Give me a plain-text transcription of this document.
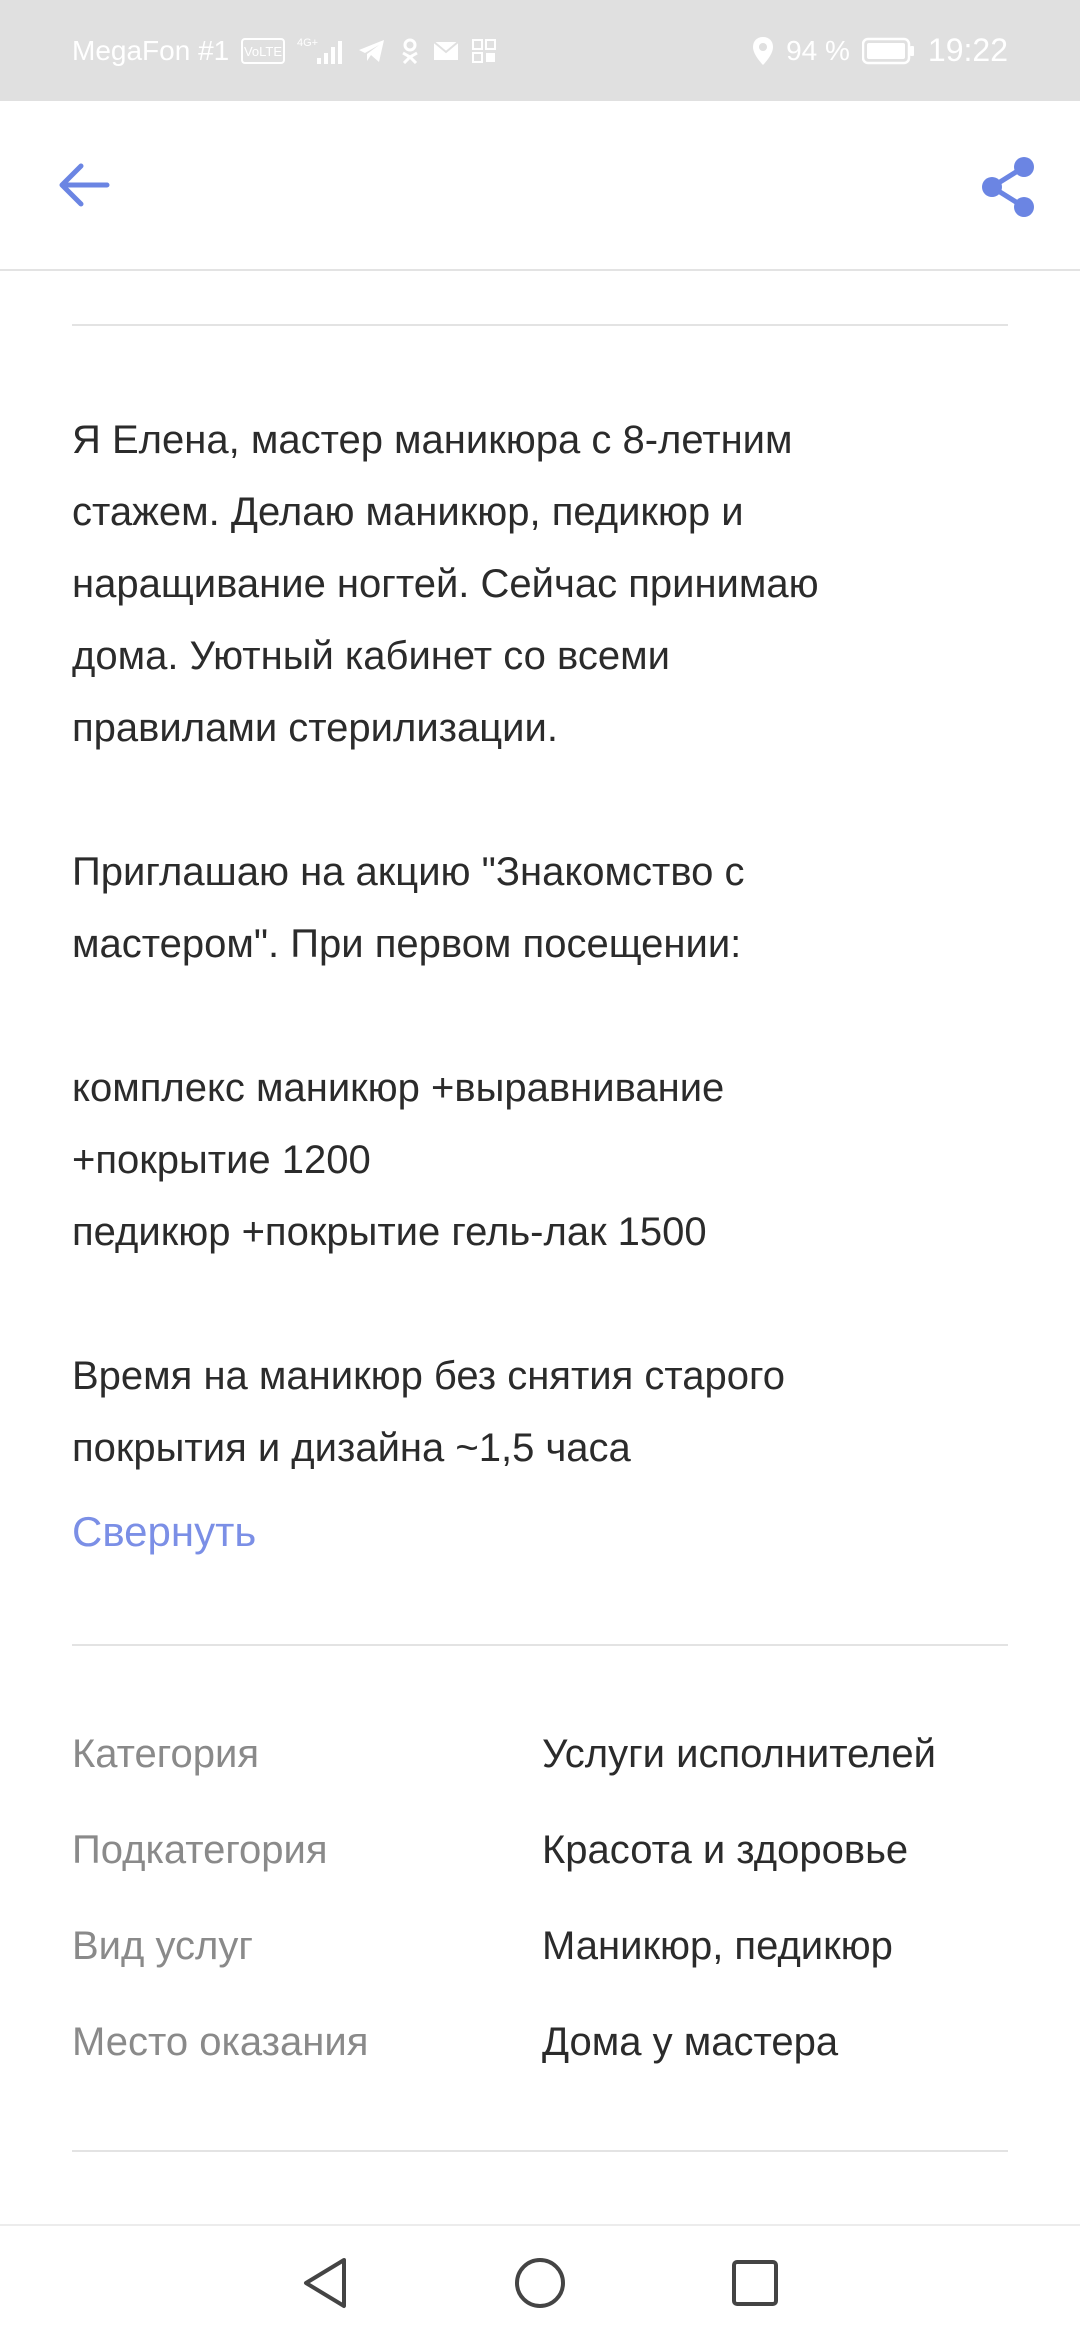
MegaFon #1 VoLTE
4G+	94 % 19:22
Я Елена, мастер маникюра с 8-летним
стажем. Делаю маникюр, педикюр и
наращивание ногтей. Сейчас принимаю
дома. Уютный кабинет со всеми
правилами стерилизации.

Приглашаю на акцию "Знакомство с
мастером". При первом посещении:

комплекс маникюр +выравнивание
+покрытие 1200
педикюр +покрытие гель-лак 1500

Время на маникюр без снятия старого
покрытия и дизайна ~1,5 часа
Свернуть
Категория	Услуги исполнителей
Подкатегория	Красота и здоровье
Вид услуг	Маникюр, педикюр
Место оказания	Дома у мастера
